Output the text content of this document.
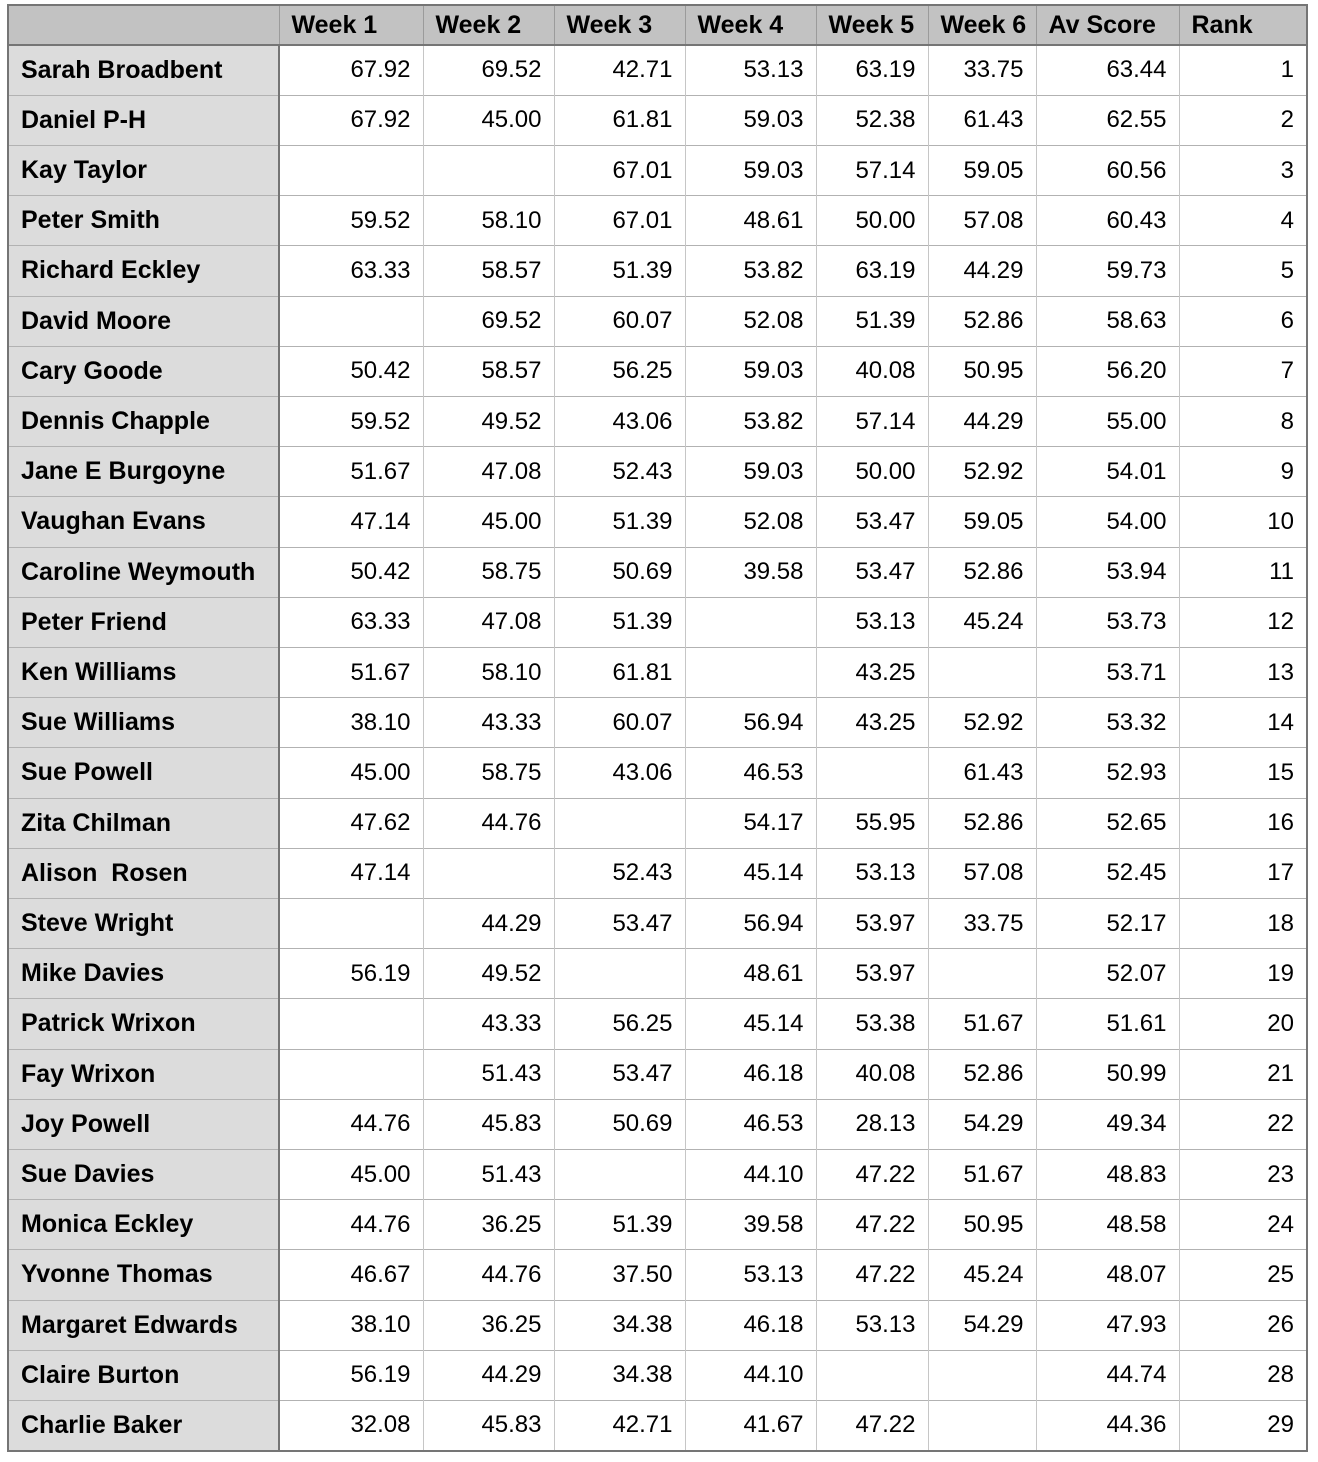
	Week 1	Week 2	Week 3	Week 4	Week 5	Week 6	Av Score	Rank
Sarah Broadbent	67.92	69.52	42.71	53.13	63.19	33.75	63.44	1
Daniel P-H	67.92	45.00	61.81	59.03	52.38	61.43	62.55	2
Kay Taylor			67.01	59.03	57.14	59.05	60.56	3
Peter Smith	59.52	58.10	67.01	48.61	50.00	57.08	60.43	4
Richard Eckley	63.33	58.57	51.39	53.82	63.19	44.29	59.73	5
David Moore		69.52	60.07	52.08	51.39	52.86	58.63	6
Cary Goode	50.42	58.57	56.25	59.03	40.08	50.95	56.20	7
Dennis Chapple	59.52	49.52	43.06	53.82	57.14	44.29	55.00	8
Jane E Burgoyne	51.67	47.08	52.43	59.03	50.00	52.92	54.01	9
Vaughan Evans	47.14	45.00	51.39	52.08	53.47	59.05	54.00	10
Caroline Weymouth	50.42	58.75	50.69	39.58	53.47	52.86	53.94	11
Peter Friend	63.33	47.08	51.39		53.13	45.24	53.73	12
Ken Williams	51.67	58.10	61.81		43.25		53.71	13
Sue Williams	38.10	43.33	60.07	56.94	43.25	52.92	53.32	14
Sue Powell	45.00	58.75	43.06	46.53		61.43	52.93	15
Zita Chilman	47.62	44.76		54.17	55.95	52.86	52.65	16
Alison  Rosen	47.14		52.43	45.14	53.13	57.08	52.45	17
Steve Wright		44.29	53.47	56.94	53.97	33.75	52.17	18
Mike Davies	56.19	49.52		48.61	53.97		52.07	19
Patrick Wrixon		43.33	56.25	45.14	53.38	51.67	51.61	20
Fay Wrixon		51.43	53.47	46.18	40.08	52.86	50.99	21
Joy Powell	44.76	45.83	50.69	46.53	28.13	54.29	49.34	22
Sue Davies	45.00	51.43		44.10	47.22	51.67	48.83	23
Monica Eckley	44.76	36.25	51.39	39.58	47.22	50.95	48.58	24
Yvonne Thomas	46.67	44.76	37.50	53.13	47.22	45.24	48.07	25
Margaret Edwards	38.10	36.25	34.38	46.18	53.13	54.29	47.93	26
Claire Burton	56.19	44.29	34.38	44.10			44.74	28
Charlie Baker	32.08	45.83	42.71	41.67	47.22		44.36	29
